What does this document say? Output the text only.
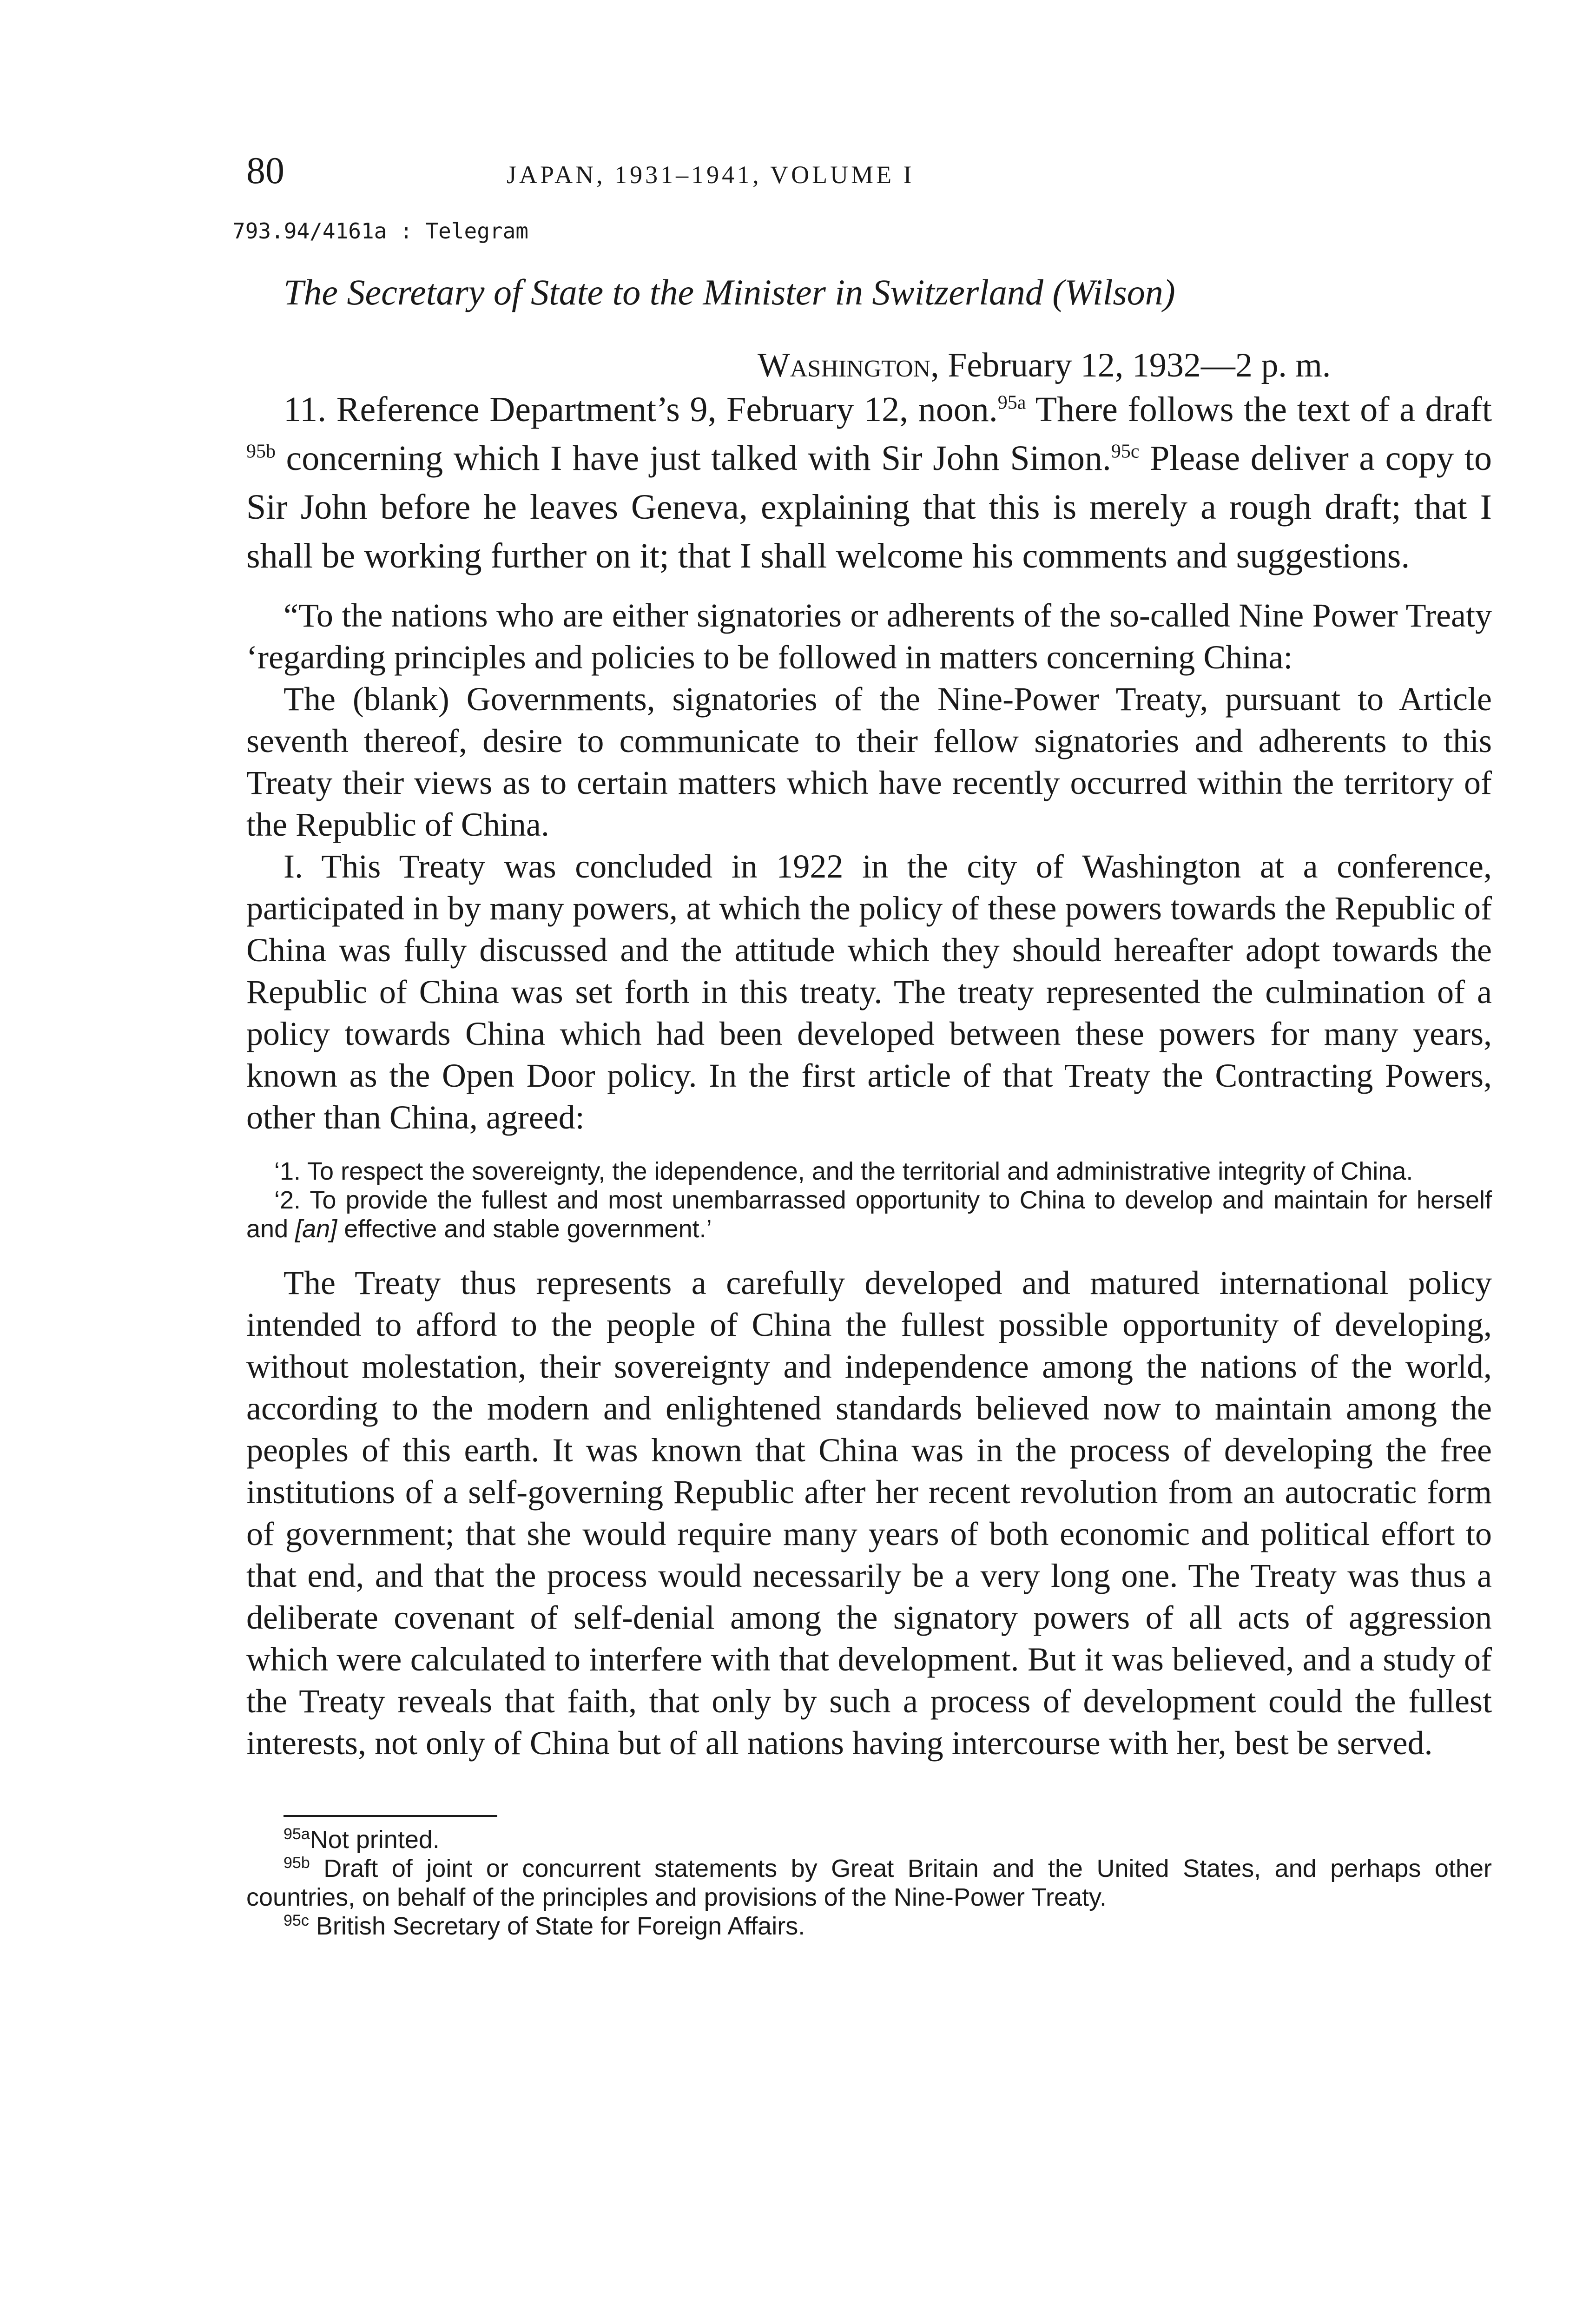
80	JAPAN, 1931–1941, VOLUME I
793.94/4161a : Telegram
The Secretary of State to the Minister in Switzerland (Wilson)
Washington, February 12, 1932—2 p. m.

11. Reference Department’s 9, February 12, noon.$^{95a}$ There follows the text of a draft $^{95b}$ concerning which I have just talked with Sir John Simon.$^{95c}$ Please deliver a copy to Sir John before he leaves Geneva, explaining that this is merely a rough draft; that I shall be working further on it; that I shall welcome his comments and suggestions.

“To the nations who are either signatories or adherents of the so-called Nine Power Treaty ‘regarding principles and policies to be followed in matters concerning China:

The (blank) Governments, signatories of the Nine-Power Treaty, pursuant to Article seventh thereof, desire to communicate to their fellow signatories and adherents to this Treaty their views as to certain matters which have recently occurred within the territory of the Republic of China.

I. This Treaty was concluded in 1922 in the city of Washington at a conference, participated in by many powers, at which the policy of these powers towards the Republic of China was fully discussed and the attitude which they should hereafter adopt towards the Republic of China was set forth in this treaty. The treaty represented the culmination of a policy towards China which had been developed between these powers for many years, known as the Open Door policy. In the first article of that Treaty the Contracting Powers, other than China, agreed:

‘1. To respect the sovereignty, the idependence, and the territorial and administrative integrity of China.

‘2. To provide the fullest and most unembarrassed opportunity to China to develop and maintain for herself and [an] effective and stable government.’

The Treaty thus represents a carefully developed and matured international policy intended to afford to the people of China the fullest possible opportunity of developing, without molestation, their sovereignty and independence among the nations of the world, according to the modern and enlightened standards believed now to maintain among the peoples of this earth. It was known that China was in the process of developing the free institutions of a self-governing Republic after her recent revolution from an autocratic form of government; that she would require many years of both economic and political effort to that end, and that the process would necessarily be a very long one. The Treaty was thus a deliberate covenant of self-denial among the signatory powers of all acts of aggression which were calculated to interfere with that development. But it was believed, and a study of the Treaty reveals that faith, that only by such a process of development could the fullest interests, not only of China but of all nations having intercourse with her, best be served.

$^{95a}$Not printed.

$^{95b}$ Draft of joint or concurrent statements by Great Britain and the United States, and perhaps other countries, on behalf of the principles and provisions of the Nine-Power Treaty.

$^{95c}$ British Secretary of State for Foreign Affairs.
